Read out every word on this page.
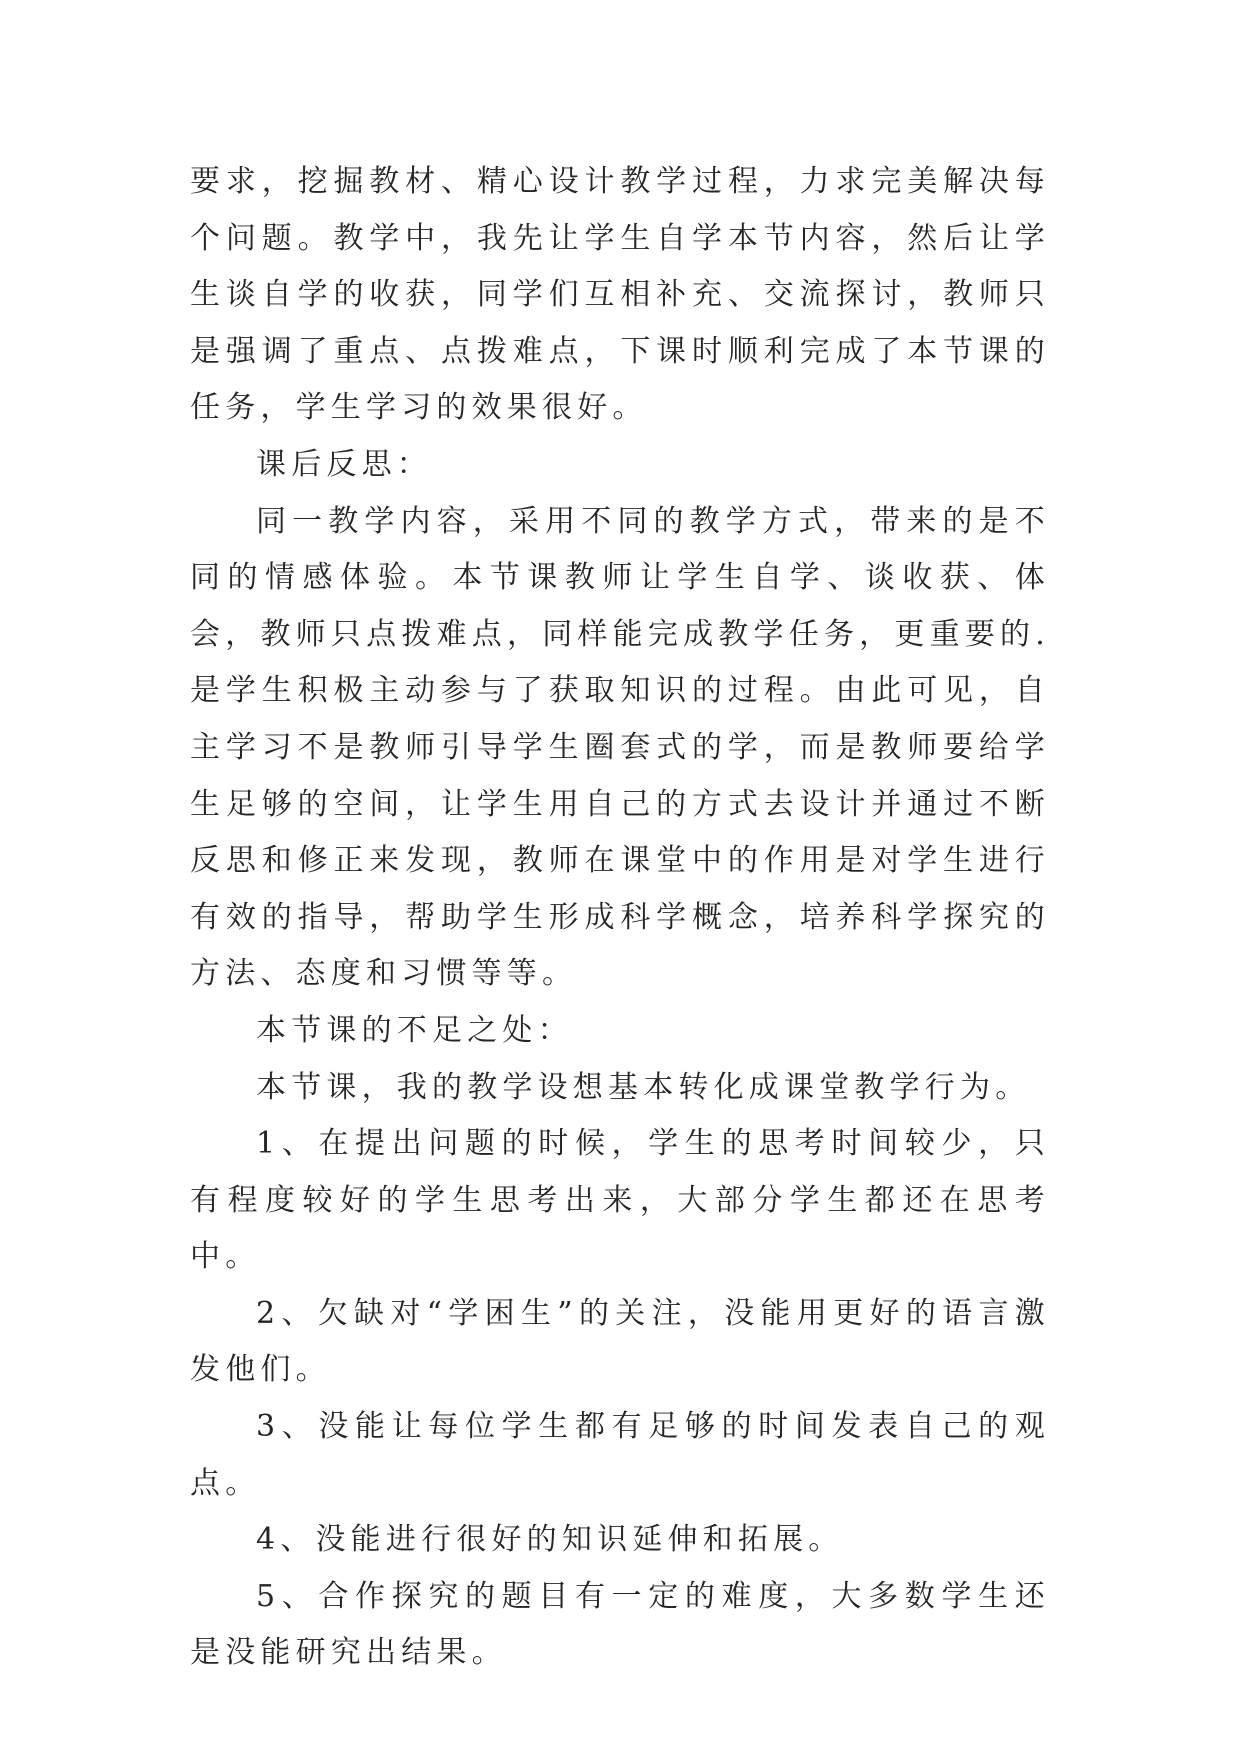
要求，挖掘教材、精心设计教学过程，力求完美解决每个问题。教学中，我先让学生自学本节内容，然后让学生谈自学的收获，同学们互相补充、交流探讨，教师只是强调了重点、点拨难点，下课时顺利完成了本节课的任务，学生学习的效果很好。

课后反思：

同一教学内容，采用不同的教学方式，带来的是不同的情感体验。本节课教师让学生自学、谈收获、体会，教师只点拨难点，同样能完成教学任务，更重要的.是学生积极主动参与了获取知识的过程。由此可见，自主学习不是教师引导学生圈套式的学，而是教师要给学生足够的空间，让学生用自己的方式去设计并通过不断反思和修正来发现，教师在课堂中的作用是对学生进行有效的指导，帮助学生形成科学概念，培养科学探究的方法、态度和习惯等等。

本节课的不足之处：

本节课，我的教学设想基本转化成课堂教学行为。

1、在提出问题的时候，学生的思考时间较少，只有程度较好的学生思考出来，大部分学生都还在思考中。

2、欠缺对“学困生”的关注，没能用更好的语言激发他们。

3、没能让每位学生都有足够的时间发表自己的观点。

4、没能进行很好的知识延伸和拓展。

5、合作探究的题目有一定的难度，大多数学生还是没能研究出结果。
